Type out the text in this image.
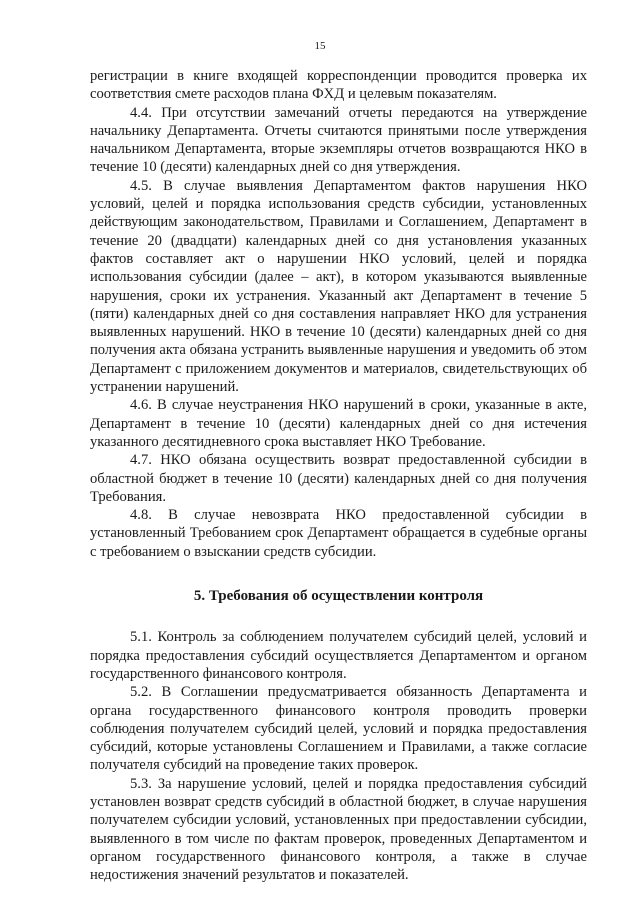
15

регистрации в книге входящей корреспонденции проводится проверка их соответствия смете расходов плана ФХД и целевым показателям.

4.4. При отсутствии замечаний отчеты передаются на утверждение начальнику Департамента. Отчеты считаются принятыми после утверждения начальником Департамента, вторые экземпляры отчетов возвращаются НКО в течение 10 (десяти) календарных дней со дня утверждения.

4.5. В случае выявления Департаментом фактов нарушения НКО условий, целей и порядка использования средств субсидии, установленных действующим законодательством, Правилами и Соглашением, Департамент в течение 20 (двадцати) календарных дней со дня установления указанных фактов составляет акт о нарушении НКО условий, целей и порядка использования субсидии (далее – акт), в котором указываются выявленные нарушения, сроки их устранения. Указанный акт Департамент в течение 5 (пяти) календарных дней со дня составления направляет НКО для устранения выявленных нарушений. НКО в течение 10 (десяти) календарных дней со дня получения акта обязана устранить выявленные нарушения и уведомить об этом Департамент с приложением документов и материалов, свидетельствующих об устранении нарушений.

4.6. В случае неустранения НКО нарушений в сроки, указанные в акте, Департамент в течение 10 (десяти) календарных дней со дня истечения указанного десятидневного срока выставляет НКО Требование.

4.7. НКО обязана осуществить возврат предоставленной субсидии в областной бюджет в течение 10 (десяти) календарных дней со дня получения Требования.

4.8. В случае невозврата НКО предоставленной субсидии в установленный Требованием срок Департамент обращается в судебные органы с требованием о взыскании средств субсидии.

5. Требования об осуществлении контроля

5.1. Контроль за соблюдением получателем субсидий целей, условий и порядка предоставления субсидий осуществляется Департаментом и органом государственного финансового контроля.

5.2. В Соглашении предусматривается обязанность Департамента и органа государственного финансового контроля проводить проверки соблюдения получателем субсидий целей, условий и порядка предоставления субсидий, которые установлены Соглашением и Правилами, а также согласие получателя субсидий на проведение таких проверок.

5.3. За нарушение условий, целей и порядка предоставления субсидий установлен возврат средств субсидий в областной бюджет, в случае нарушения получателем субсидии условий, установленных при предоставлении субсидии, выявленного в том числе по фактам проверок, проведенных Департаментом и органом государственного финансового контроля, а также в случае недостижения значений результатов и показателей.
